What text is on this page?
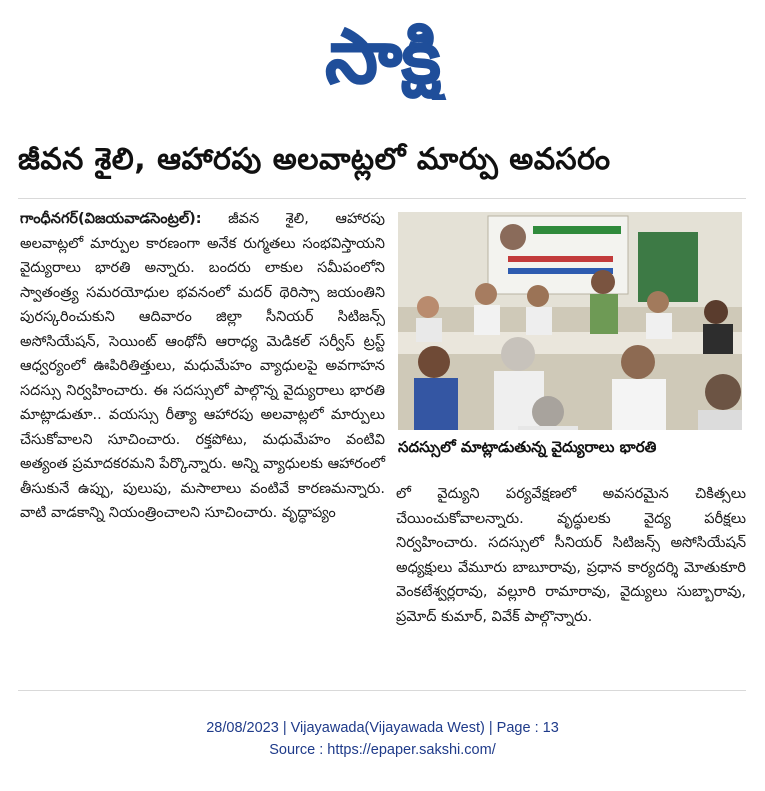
సాక్షి
జీవన శైలి, ఆహారపు అలవాట్లలో మార్పు అవసరం
గాంధీనగర్(విజయవాడసెంట్రల్): జీవన శైలి, ఆహారపు అలవాట్లలో మార్పుల కారణంగా అనేక రుగ్మతలు సంభవిస్తాయని వైద్యురాలు భారతి అన్నారు. బందరు లాకుల సమీపంలోని స్వాతంత్ర్య సమరయోధుల భవనంలో మదర్ థెరిస్సా జయంతిని పురస్కరించుకుని ఆదివారం జిల్లా సీనియర్ సిటిజన్స్ అసోసియేషన్, సెయింట్ ఆంథోనీ ఆరాధ్య మెడికల్ సర్వీస్ ట్రస్ట్ ఆధ్వర్యంలో ఊపిరితిత్తులు, మధుమేహం వ్యాధులపై అవగాహన సదస్సు నిర్వహించారు. ఈ సదస్సులో పాల్గొన్న వైద్యురాలు భారతి మాట్లాడుతూ.. వయస్సు రీత్యా ఆహారపు అలవాట్లలో మార్పులు చేసుకోవాలని సూచించారు. రక్తపోటు, మధుమేహం వంటివి అత్యంత ప్రమాదకరమని పేర్కొన్నారు. అన్ని వ్యాధులకు ఆహారంలో తీసుకునే ఉప్పు, పులుపు, మసాలాలు వంటివే కారణమన్నారు. వాటి వాడకాన్ని నియంత్రించాలని సూచించారు. వృద్ధాప్యం
సదస్సులో మాట్లాడుతున్న వైద్యురాలు భారతి
లో వైద్యుని పర్యవేక్షణలో అవసరమైన చికిత్సలు చేయించుకోవాలన్నారు. వృద్ధులకు వైద్య పరీక్షలు నిర్వహించారు. సదస్సులో సీనియర్ సిటిజన్స్ అసోసియేషన్ అధ్యక్షులు వేమూరు బాబూరావు, ప్రధాన కార్యదర్శి మోతుకూరి వెంకటేశ్వర్లరావు, వల్లూరి రామారావు, వైద్యులు సుబ్బారావు, ప్రమోద్ కుమార్, వివేక్ పాల్గొన్నారు.
28/08/2023 | Vijayawada(Vijayawada West) | Page : 13
Source : https://epaper.sakshi.com/
